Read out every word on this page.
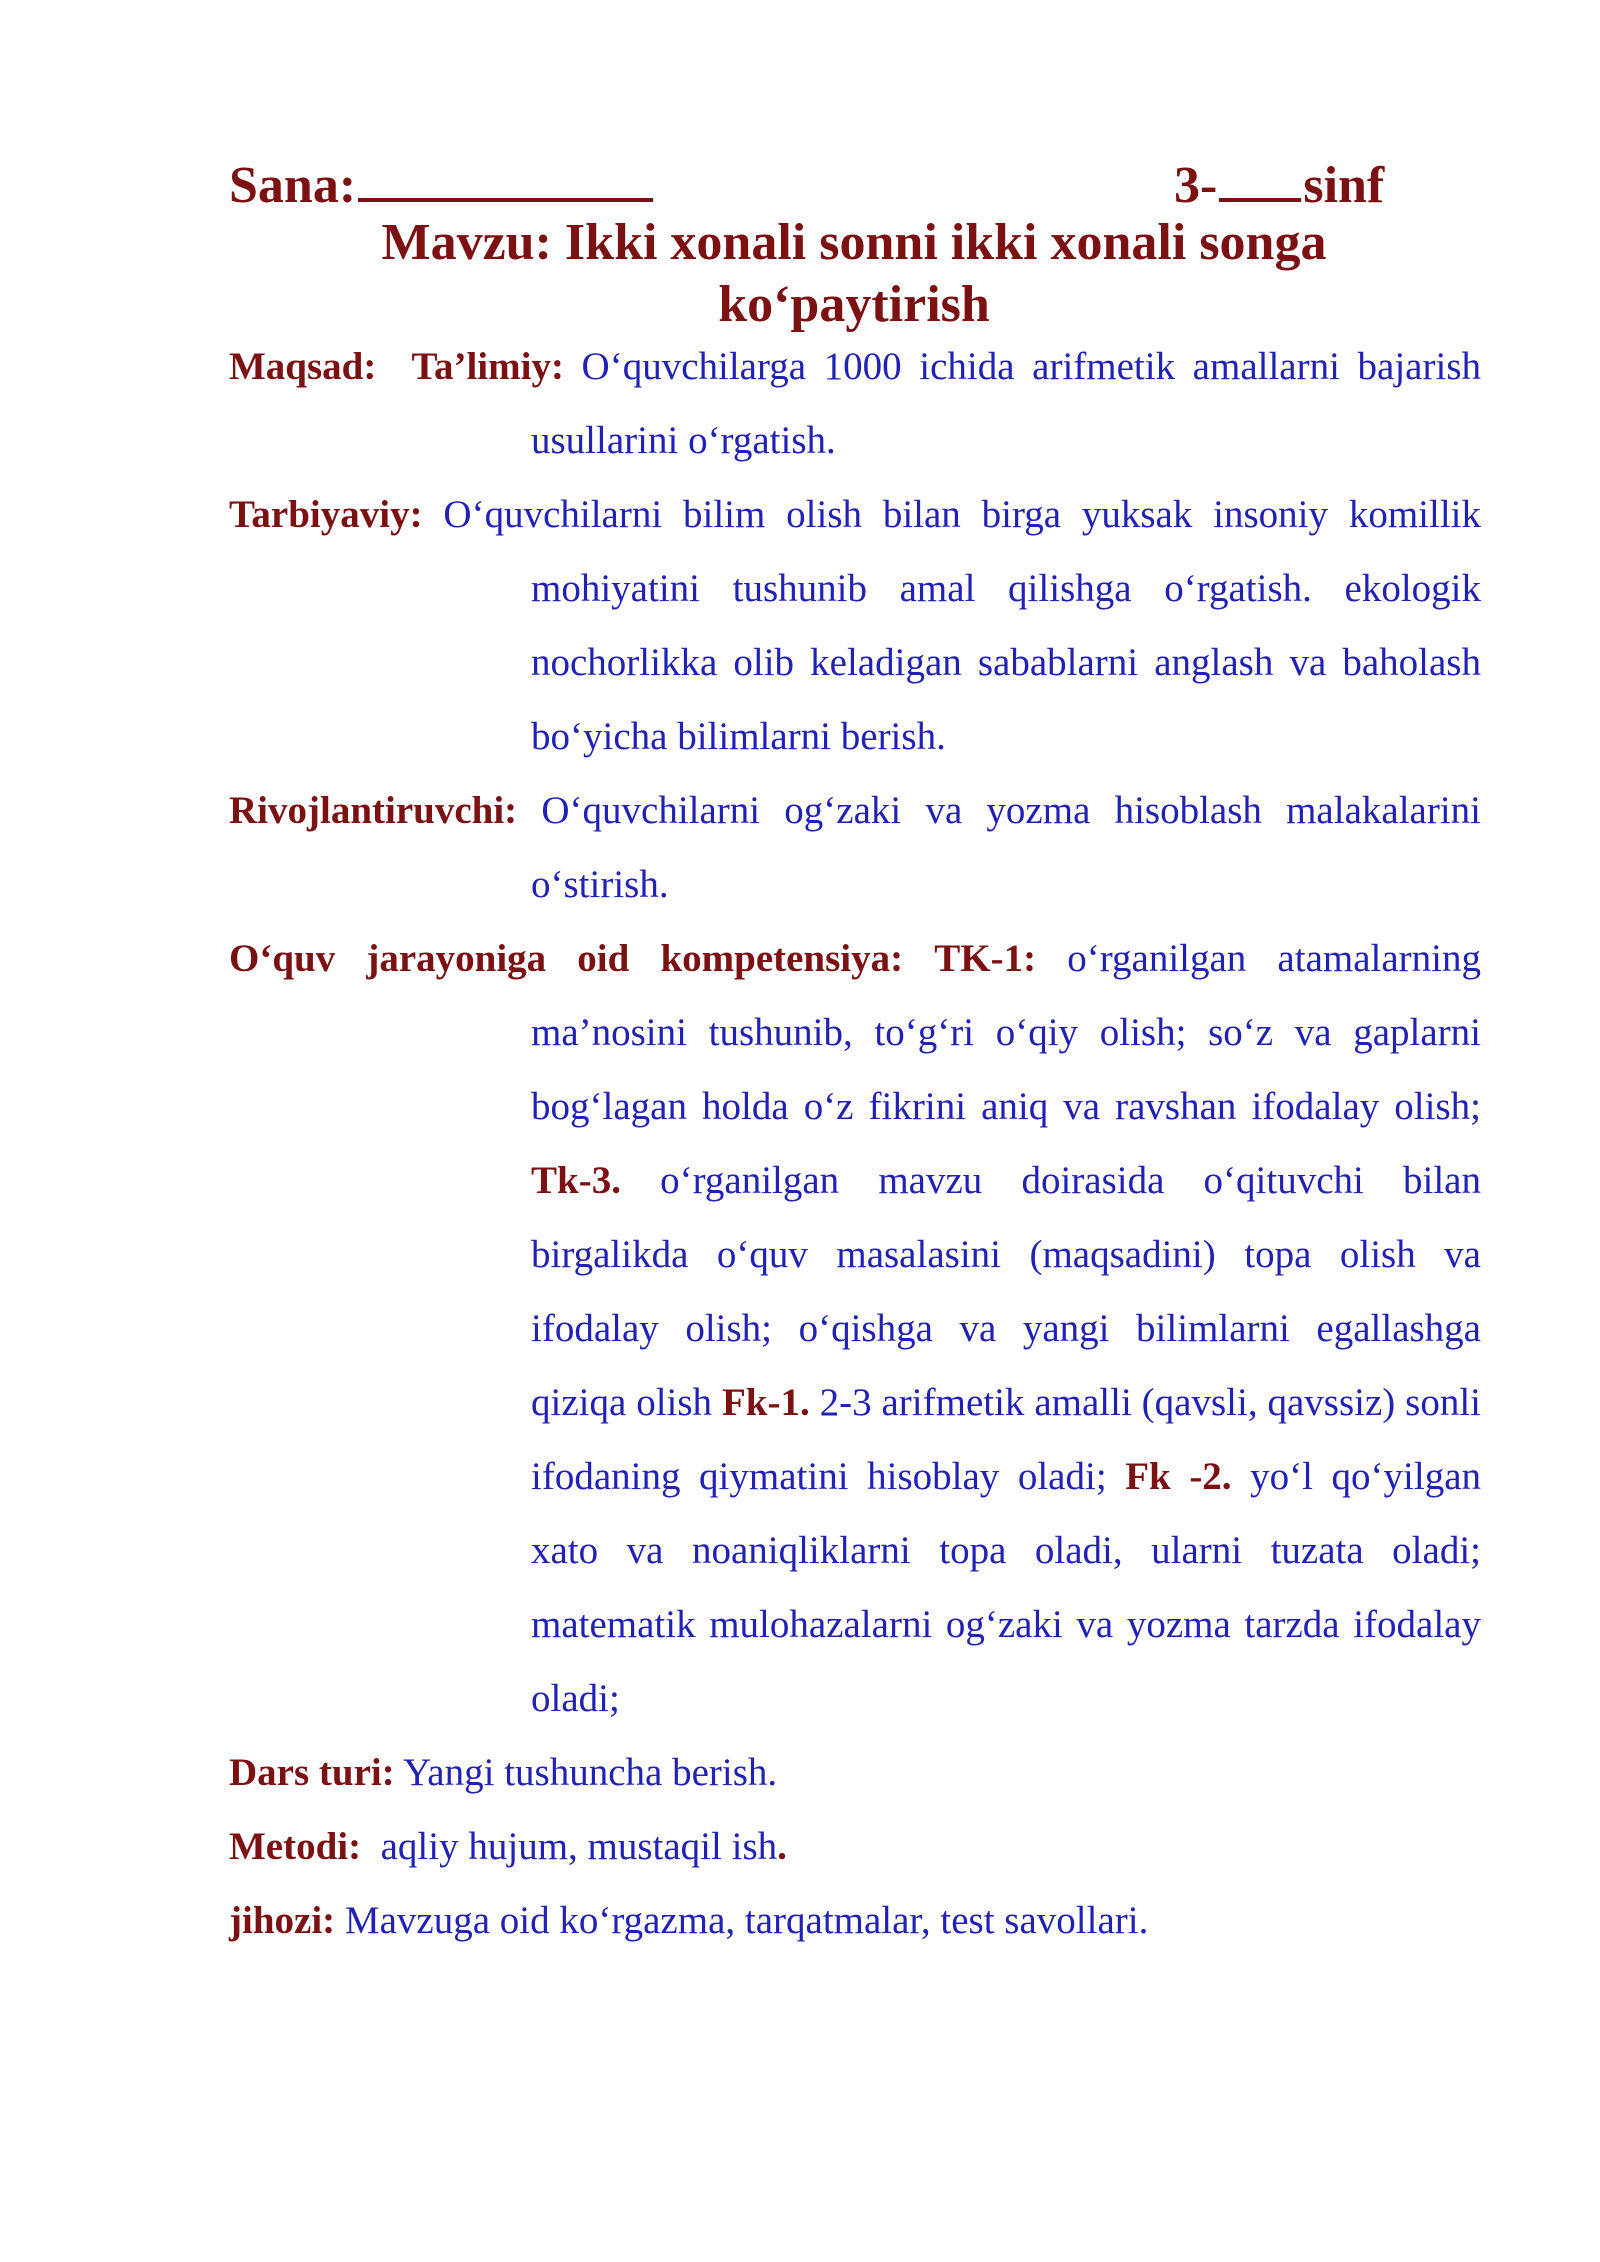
Sana:	3- sinf
Mavzu: Ikki xonali sonni ikki xonali songa
ko‘paytirish

Maqsad: Ta’limiy: O‘quvchilarga 1000 ichida arifmetik amallarni bajarish usullarini o‘rgatish.

Tarbiyaviy: O‘quvchilarni bilim olish bilan birga yuksak insoniy komillik mohiyatini tushunib amal qilishga o‘rgatish. ekologik nochorlikka olib keladigan sabablarni anglash va baholash bo‘yicha bilimlarni berish.

Rivojlantiruvchi: O‘quvchilarni og‘zaki va yozma hisoblash malakalarini o‘stirish.

O‘quv jarayoniga oid kompetensiya: TK-1: o‘rganilgan atamalarning ma’nosini tushunib, to‘g‘ri o‘qiy olish; so‘z va gaplarni bog‘lagan holda o‘z fikrini aniq va ravshan ifodalay olish; Tk-3. o‘rganilgan mavzu doirasida o‘qituvchi bilan birgalikda o‘quv masalasini (maqsadini) topa olish va ifodalay olish; o‘qishga va yangi bilimlarni egallashga qiziqa olish Fk-1. 2-3 arifmetik amalli (qavsli, qavssiz) sonli ifodaning qiymatini hisoblay oladi; Fk -2. yo‘l qo‘yilgan xato va noaniqliklarni topa oladi, ularni tuzata oladi; matematik mulohazalarni og‘zaki va yozma tarzda ifodalay oladi;

Dars turi: Yangi tushuncha berish.

Metodi: aqliy hujum, mustaqil ish.

jihozi: Mavzuga oid ko‘rgazma, tarqatmalar, test savollari.
